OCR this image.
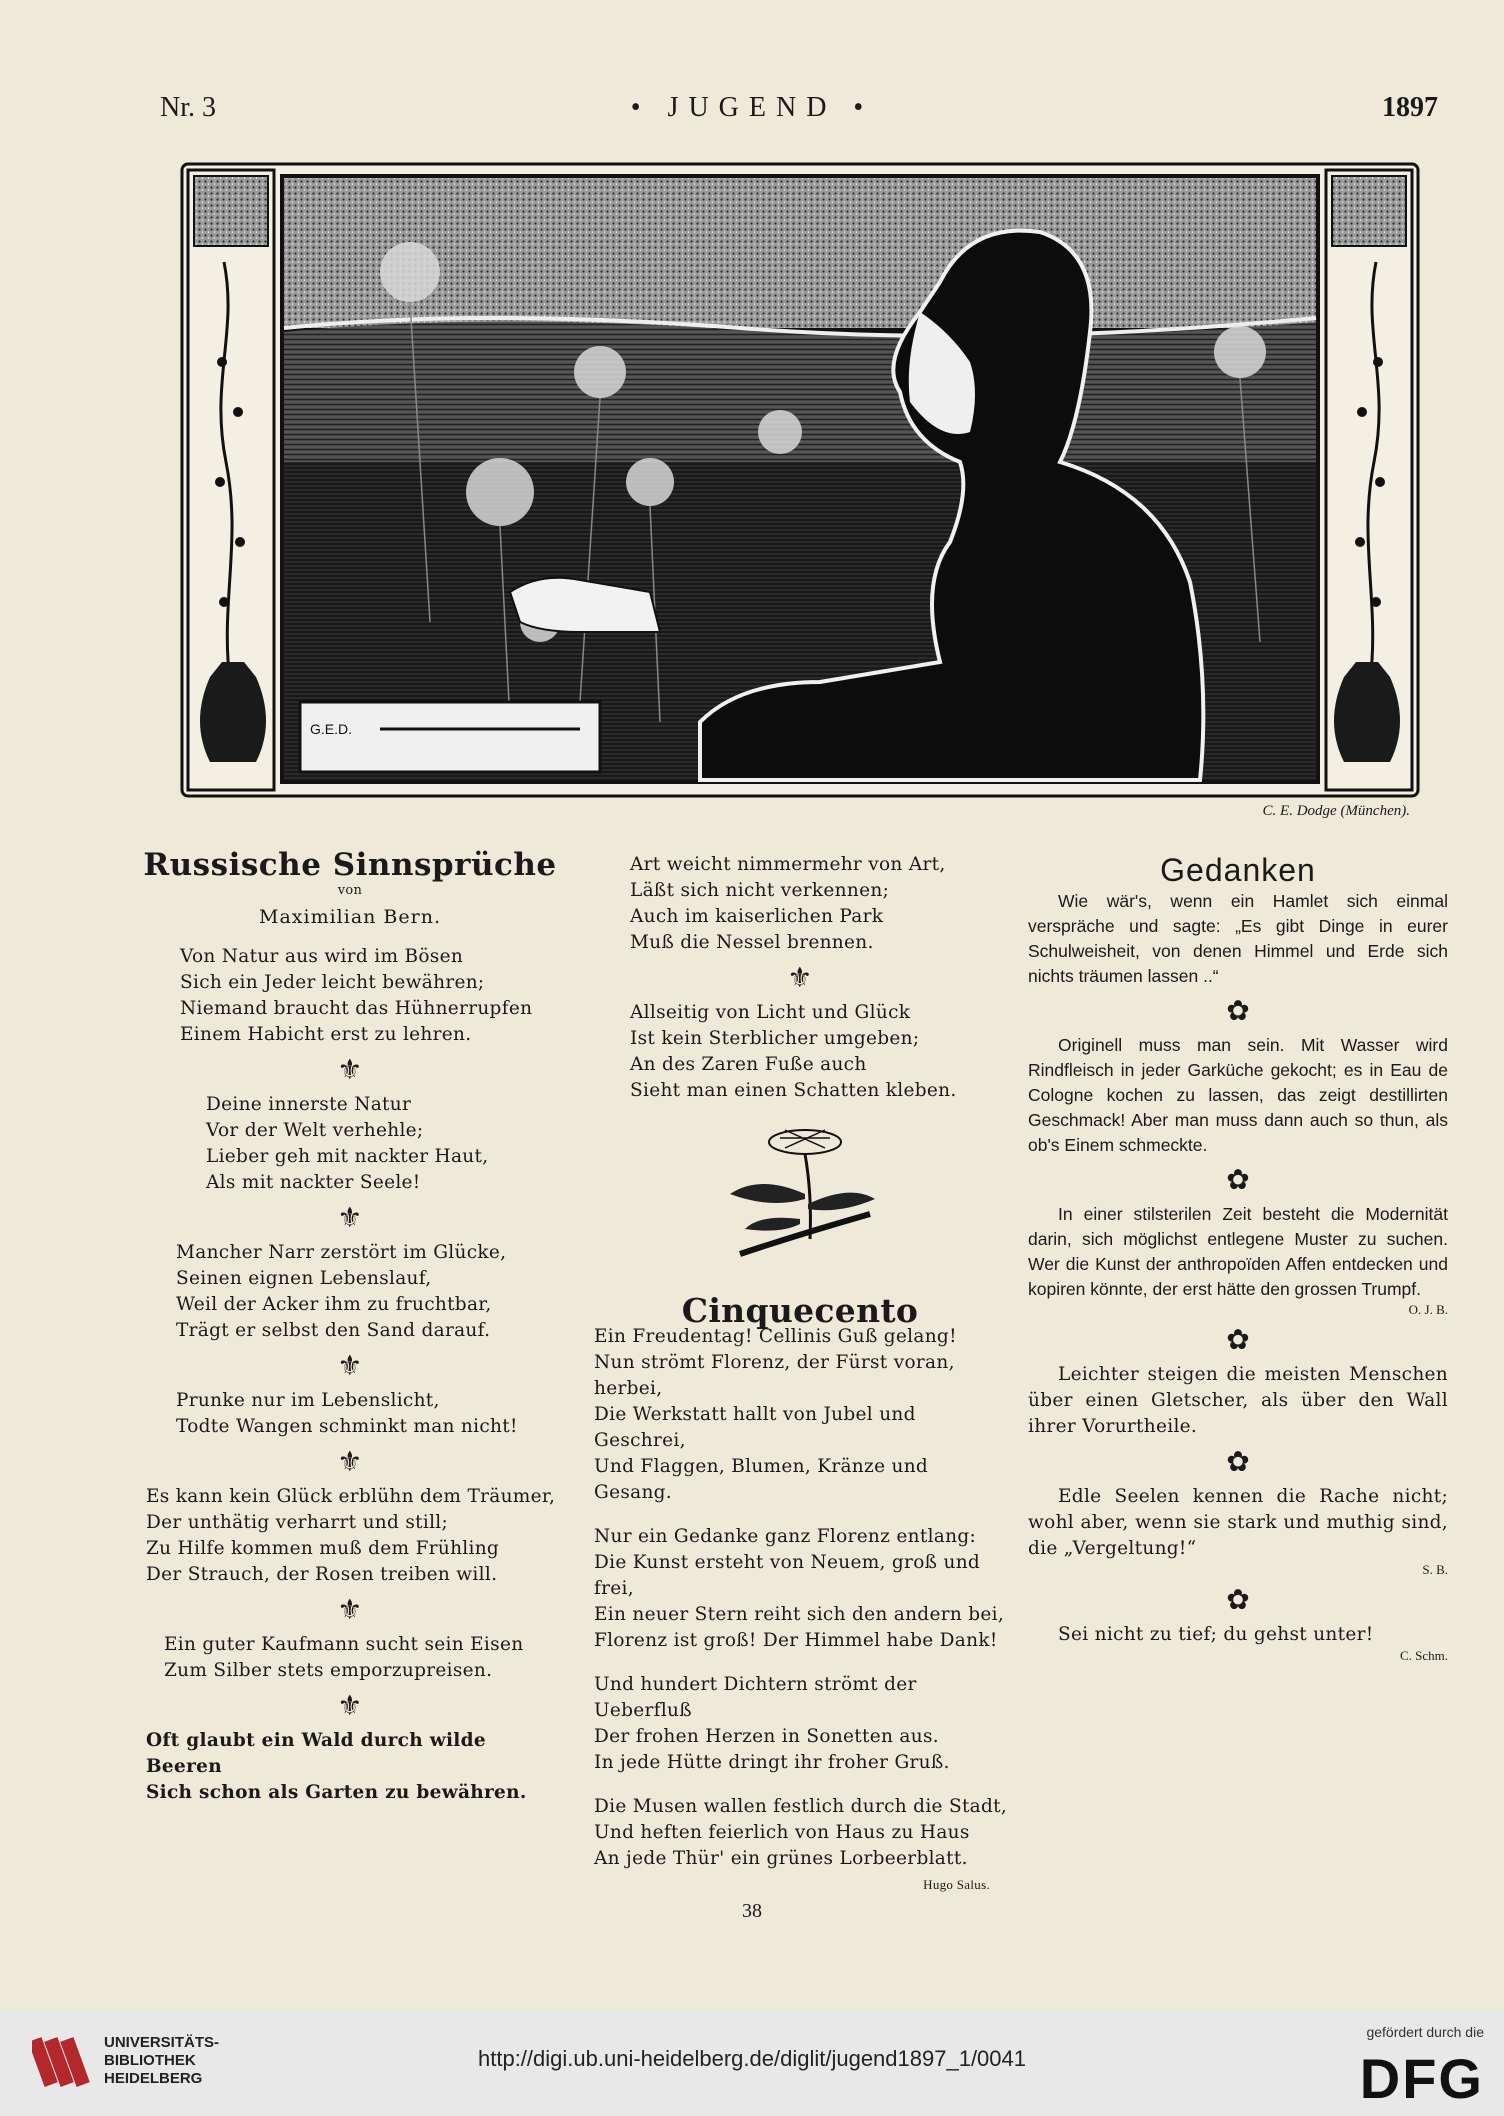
• JUGEND •
Nr. 3	1897
G.E.D.
C. E. Dodge (München).

Russische Sinnsprüche

von

Maximilian Bern.

Von Natur aus wird im Bösen

Sich ein Jeder leicht bewähren;

Niemand braucht das Hühnerrupfen

Einem Habicht erst zu lehren.

⚜

Deine innerste Natur

Vor der Welt verhehle;

Lieber geh mit nackter Haut,

Als mit nackter Seele!

⚜

Mancher Narr zerstört im Glücke,

Seinen eignen Lebenslauf,

Weil der Acker ihm zu fruchtbar,

Trägt er selbst den Sand darauf.

⚜

Prunke nur im Lebenslicht,

Todte Wangen schminkt man nicht!

⚜

Es kann kein Glück erblühn dem Träumer,

Der unthätig verharrt und still;

Zu Hilfe kommen muß dem Frühling

Der Strauch, der Rosen treiben will.

⚜

Ein guter Kaufmann sucht sein Eisen

Zum Silber stets emporzupreisen.

⚜

Oft glaubt ein Wald durch wilde Beeren

Sich schon als Garten zu bewähren.

Art weicht nimmermehr von Art,

Läßt sich nicht verkennen;

Auch im kaiserlichen Park

Muß die Nessel brennen.

⚜

Allseitig von Licht und Glück

Ist kein Sterblicher umgeben;

An des Zaren Fuße auch

Sieht man einen Schatten kleben.

Cinquecento

Ein Freudentag! Cellinis Guß gelang!

Nun strömt Florenz, der Fürst voran, herbei,

Die Werkstatt hallt von Jubel und Geschrei,

Und Flaggen, Blumen, Kränze und Gesang.

Nur ein Gedanke ganz Florenz entlang:

Die Kunst ersteht von Neuem, groß und frei,

Ein neuer Stern reiht sich den andern bei,

Florenz ist groß! Der Himmel habe Dank!

Und hundert Dichtern strömt der Ueberfluß

Der frohen Herzen in Sonetten aus.

In jede Hütte dringt ihr froher Gruß.

Die Musen wallen festlich durch die Stadt,

Und heften feierlich von Haus zu Haus

An jede Thür' ein grünes Lorbeerblatt.

Hugo Salus.

Gedanken

Wie wär's, wenn ein Hamlet sich einmal verspräche und sagte: „Es gibt Dinge in eurer Schulweisheit, von denen Himmel und Erde sich nichts träumen lassen ..“

✿

Originell muss man sein. Mit Wasser wird Rindfleisch in jeder Garküche gekocht; es in Eau de Cologne kochen zu lassen, das zeigt destillirten Geschmack! Aber man muss dann auch so thun, als ob's Einem schmeckte.

✿

In einer stilsterilen Zeit besteht die Modernität darin, sich möglichst entlegene Muster zu suchen. Wer die Kunst der anthropoïden Affen entdecken und kopiren könnte, der erst hätte den grossen Trumpf.

O. J. B.

✿

Leichter steigen die meisten Menschen über einen Gletscher, als über den Wall ihrer Vorurtheile.

✿

Edle Seelen kennen die Rache nicht; wohl aber, wenn sie stark und muthig sind, die „Vergeltung!“

S. B.

✿

Sei nicht zu tief; du gehst unter!

C. Schm.

38
UNIVERSITÄTS-
BIBLIOTHEK
HEIDELBERG
http://digi.ub.uni-heidelberg.de/diglit/jugend1897_1/0041
gefördert durch die
DFG
